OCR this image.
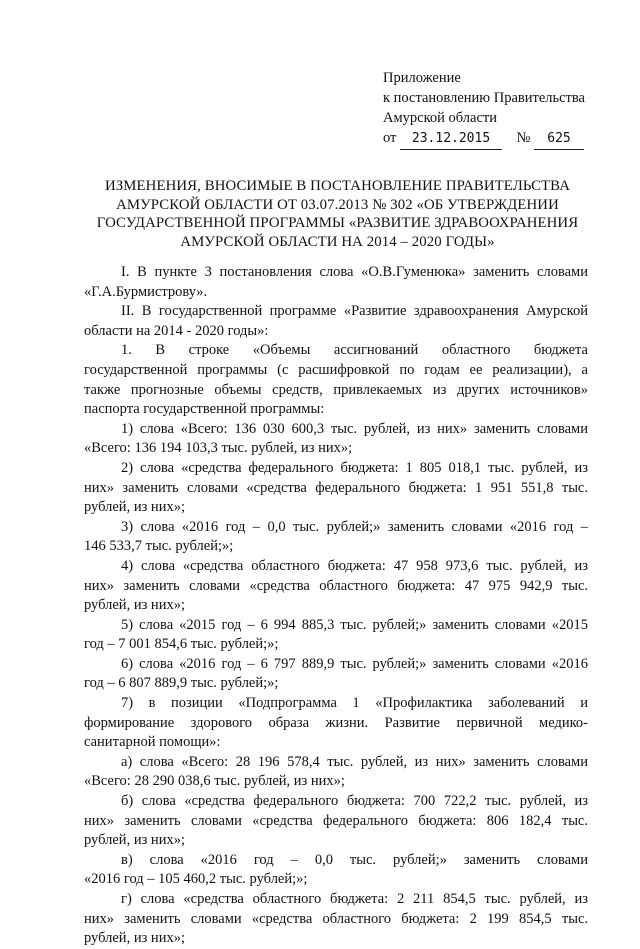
Приложение
к постановлению Правительства
Амурской области
от 23.12.2015 № 625
ИЗМЕНЕНИЯ, ВНОСИМЫЕ В ПОСТАНОВЛЕНИЕ ПРАВИТЕЛЬСТВА
АМУРСКОЙ ОБЛАСТИ ОТ 03.07.2013 № 302 «ОБ УТВЕРЖДЕНИИ
ГОСУДАРСТВЕННОЙ ПРОГРАММЫ «РАЗВИТИЕ ЗДРАВООХРАНЕНИЯ
АМУРСКОЙ ОБЛАСТИ НА 2014 – 2020 ГОДЫ»
I. В пункте 3 постановления слова «О.В.Гуменюка» заменить словами
«Г.А.Бурмистрову».
II. В государственной программе «Развитие здравоохранения Амурской
области на 2014 - 2020 годы»:
1. В строке «Объемы ассигнований областного бюджета
государственной программы (с расшифровкой по годам ее реализации), а
также прогнозные объемы средств, привлекаемых из других источников»
паспорта государственной программы:
1) слова «Всего: 136 030 600,3 тыс. рублей, из них» заменить словами
«Всего: 136 194 103,3 тыс. рублей, из них»;
2) слова «средства федерального бюджета: 1 805 018,1 тыс. рублей, из
них» заменить словами «средства федерального бюджета: 1 951 551,8 тыс.
рублей, из них»;
3) слова «2016 год – 0,0 тыс. рублей;» заменить словами «2016 год –
146 533,7 тыс. рублей;»;
4) слова «средства областного бюджета: 47 958 973,6 тыс. рублей, из
них» заменить словами «средства областного бюджета: 47 975 942,9 тыс.
рублей, из них»;
5) слова «2015 год – 6 994 885,3 тыс. рублей;» заменить словами «2015
год – 7 001 854,6 тыс. рублей;»;
6) слова «2016 год – 6 797 889,9 тыс. рублей;» заменить словами «2016
год – 6 807 889,9 тыс. рублей;»;
7) в позиции «Подпрограмма 1 «Профилактика заболеваний и
формирование здорового образа жизни. Развитие первичной медико-
санитарной помощи»:
а) слова «Всего: 28 196 578,4 тыс. рублей, из них» заменить словами
«Всего: 28 290 038,6 тыс. рублей, из них»;
б) слова «средства федерального бюджета: 700 722,2 тыс. рублей, из
них» заменить словами «средства федерального бюджета: 806 182,4 тыс.
рублей, из них»;
в) слова «2016 год – 0,0 тыс. рублей;» заменить словами
«2016 год – 105 460,2 тыс. рублей;»;
г) слова «средства областного бюджета: 2 211 854,5 тыс. рублей, из
них» заменить словами «средства областного бюджета: 2 199 854,5 тыс.
рублей, из них»;
